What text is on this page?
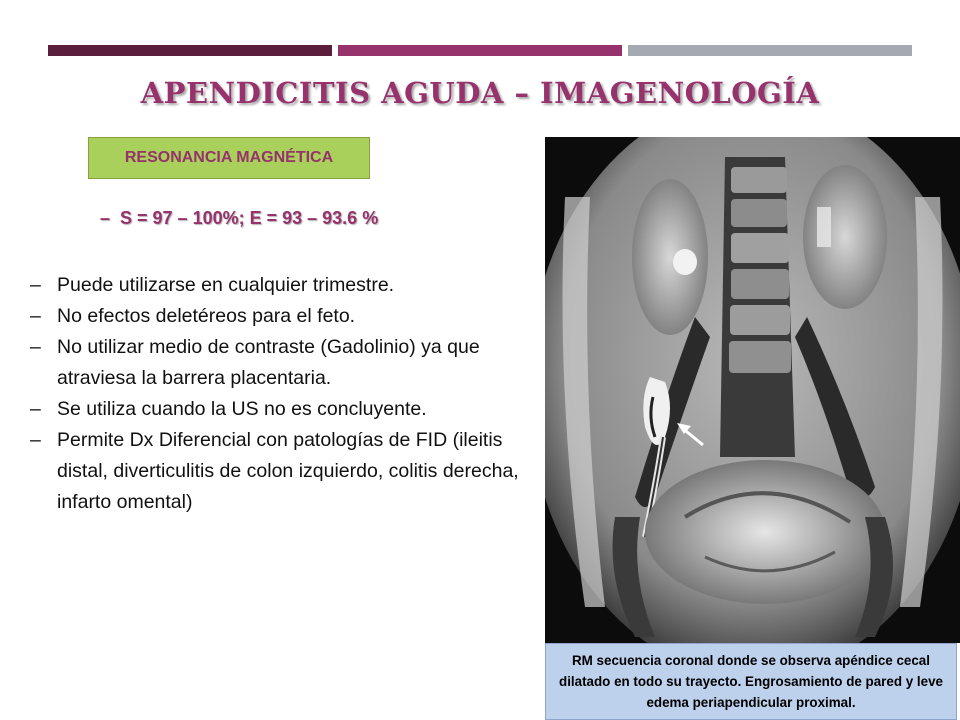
APENDICITIS AGUDA – IMAGENOLOGÍA
RESONANCIA MAGNÉTICA

– S = 97 – 100%; E = 93 – 93.6 %

– Puede utilizarse en cualquier trimestre.
– No efectos deletéreos para el feto.
– No utilizar medio de contraste (Gadolinio) ya que atraviesa la barrera placentaria.
– Se utiliza cuando la US no es concluyente.
– Permite Dx Diferencial con patologías de FID (ileitis distal, diverticulitis de colon izquierdo, colitis derecha, infarto omental)
RM secuencia coronal donde se observa apéndice cecal dilatado en todo su trayecto. Engrosamiento de pared y leve edema periapendicular proximal.
